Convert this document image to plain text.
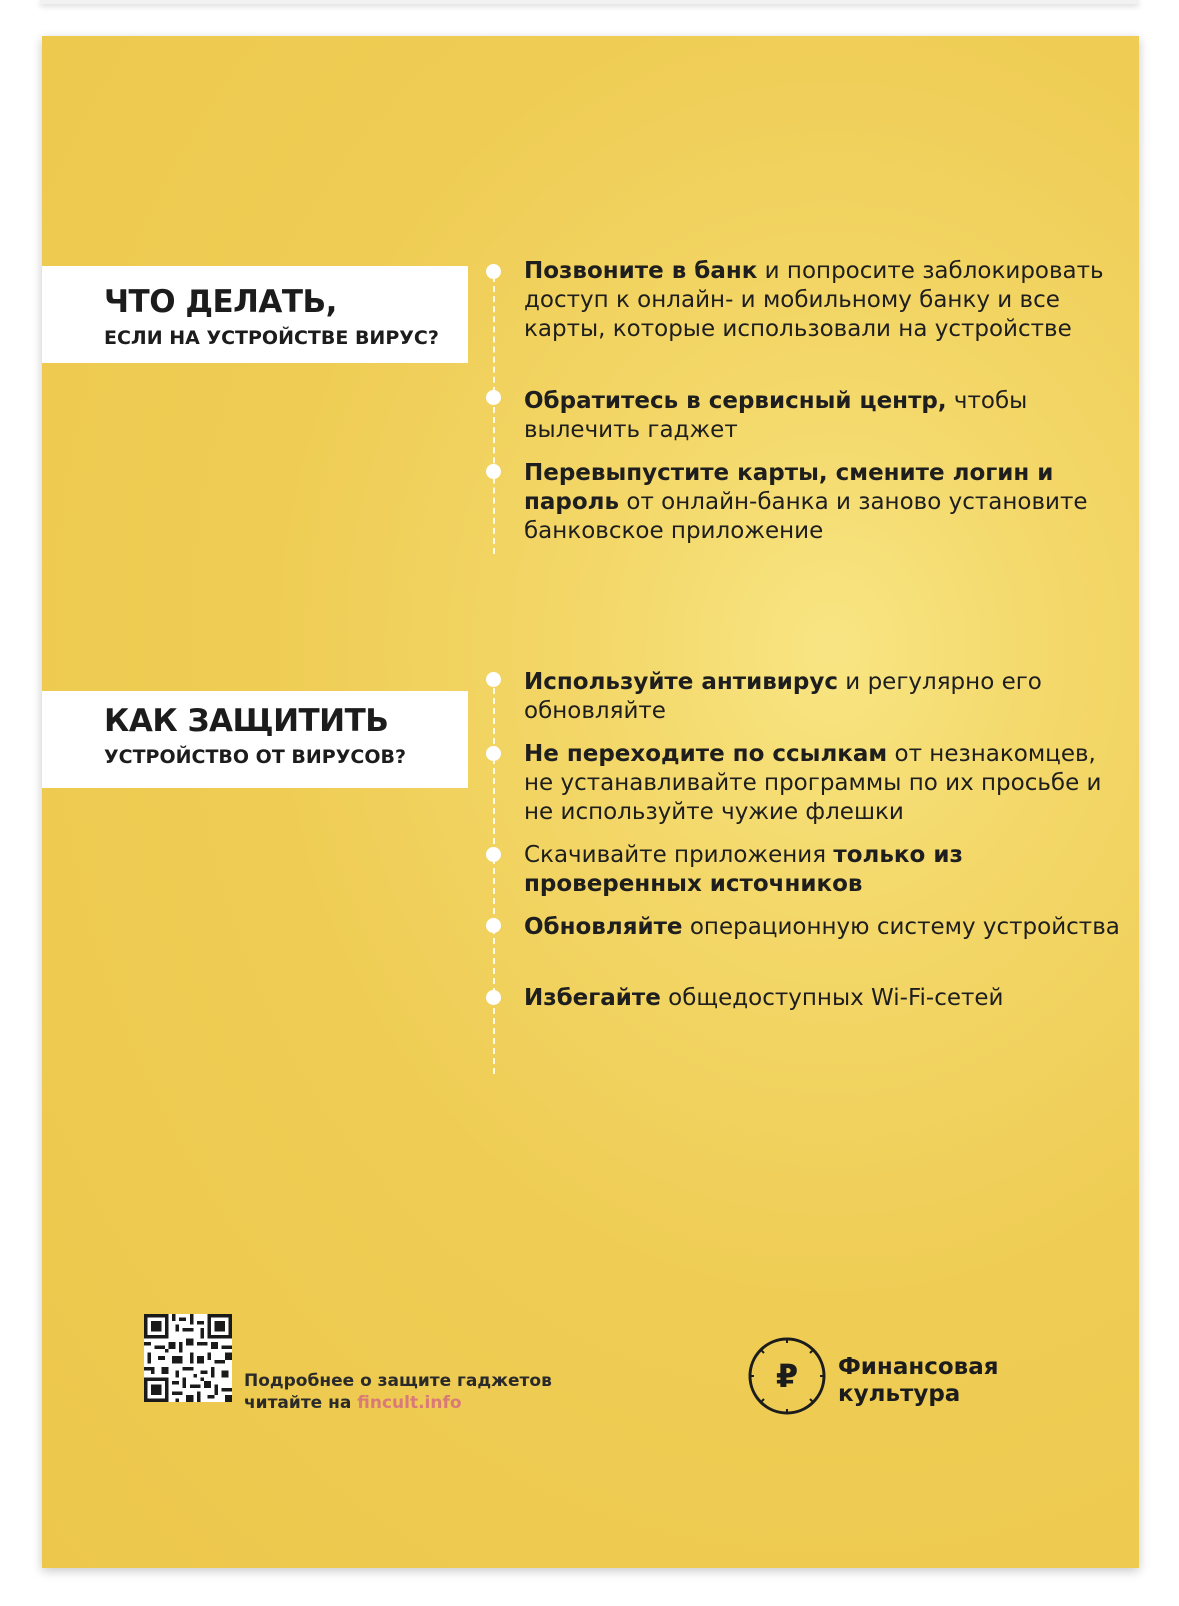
ЧТО ДЕЛАТЬ,
ЕСЛИ НА УСТРОЙСТВЕ ВИРУС?
Позвоните в банк и попросите заблокировать доступ к онлайн- и мобильному банку и все карты, которые использовали на устройстве
Обратитесь в сервисный центр, чтобы вылечить гаджет
Перевыпустите карты, смените логин и пароль от онлайн-банка и заново установите банковское приложение
КАК ЗАЩИТИТЬ
УСТРОЙСТВО ОТ ВИРУСОВ?
Используйте антивирус и регулярно его обновляйте
Не переходите по ссылкам от незнакомцев, не устанавливайте программы по их просьбе и не используйте чужие флешки
Скачивайте приложения только из проверенных источников
Обновляйте операционную систему устройства
Избегайте общедоступных Wi-Fi-сетей
Подробнее о защите гаджетов
читайте на fincult.info
₽ Финансовая
культура
